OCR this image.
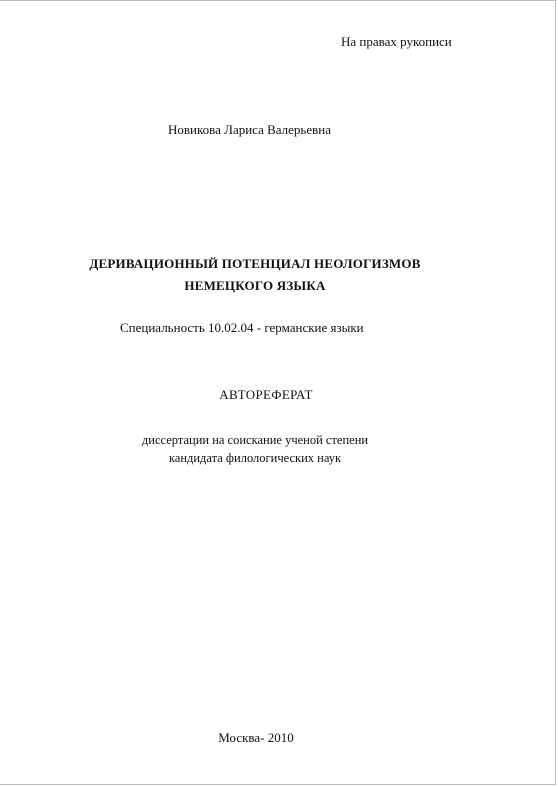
На правах рукописи
Новикова Лариса Валерьевна
ДЕРИВАЦИОННЫЙ ПОТЕНЦИАЛ НЕОЛОГИЗМОВ
НЕМЕЦКОГО ЯЗЫКА
Специальность 10.02.04 - германские языки
АВТОРЕФЕРАТ
диссертации на соискание ученой степени
кандидата филологических наук
Москва- 2010
